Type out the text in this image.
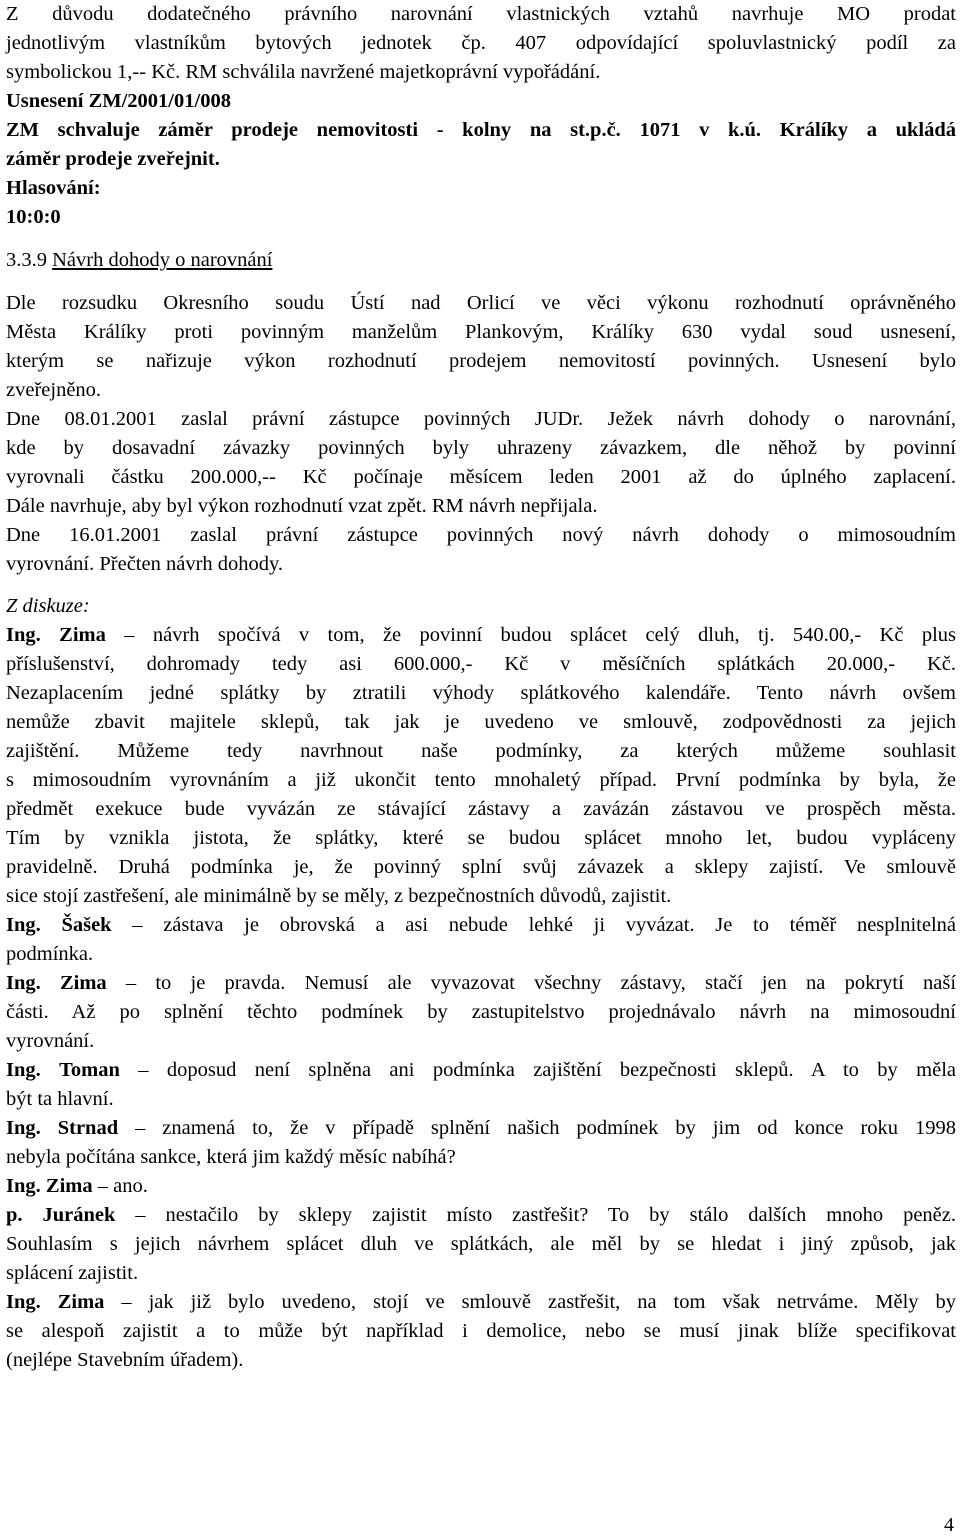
Z důvodu dodatečného právního narovnání vlastnických vztahů navrhuje MO prodat

jednotlivým vlastníkům bytových jednotek čp. 407 odpovídající spoluvlastnický podíl za

symbolickou 1,-- Kč. RM schválila navržené majetkoprávní vypořádání.

Usnesení ZM/2001/01/008

ZM schvaluje záměr prodeje nemovitosti - kolny na st.p.č. 1071 v k.ú. Králíky a ukládá

záměr prodeje zveřejnit.

Hlasování:

10:0:0

3.3.9 Návrh dohody o narovnání

Dle rozsudku Okresního soudu Ústí nad Orlicí ve věci výkonu rozhodnutí oprávněného

Města Králíky proti povinným manželům Plankovým, Králíky 630 vydal soud usnesení,

kterým se nařizuje výkon rozhodnutí prodejem nemovitostí povinných. Usnesení bylo

zveřejněno.

Dne 08.01.2001 zaslal právní zástupce povinných JUDr. Ježek návrh dohody o narovnání,

kde by dosavadní závazky povinných byly uhrazeny závazkem, dle něhož by povinní

vyrovnali částku 200.000,-- Kč počínaje měsícem leden 2001 až do úplného zaplacení.

Dále navrhuje, aby byl výkon rozhodnutí vzat zpět. RM návrh nepřijala.

Dne 16.01.2001 zaslal právní zástupce povinných nový návrh dohody o mimosoudním

vyrovnání. Přečten návrh dohody.

Z diskuze:

Ing. Zima – návrh spočívá v tom, že povinní budou splácet celý dluh, tj. 540.00,- Kč plus

příslušenství, dohromady tedy asi 600.000,- Kč v měsíčních splátkách 20.000,- Kč.

Nezaplacením jedné splátky by ztratili výhody splátkového kalendáře. Tento návrh ovšem

nemůže zbavit majitele sklepů, tak jak je uvedeno ve smlouvě, zodpovědnosti za jejich

zajištění. Můžeme tedy navrhnout naše podmínky, za kterých můžeme souhlasit

s mimosoudním vyrovnáním a již ukončit tento mnohaletý případ. První podmínka by byla, že

předmět exekuce bude vyvázán ze stávající zástavy a zavázán zástavou ve prospěch města.

Tím by vznikla jistota, že splátky, které se budou splácet mnoho let, budou vypláceny

pravidelně. Druhá podmínka je, že povinný splní svůj závazek a sklepy zajistí. Ve smlouvě

sice stojí zastřešení, ale minimálně by se měly, z bezpečnostních důvodů, zajistit.

Ing. Šašek – zástava je obrovská a asi nebude lehké ji vyvázat. Je to téměř nesplnitelná

podmínka.

Ing. Zima – to je pravda. Nemusí ale vyvazovat všechny zástavy, stačí jen na pokrytí naší

části. Až po splnění těchto podmínek by zastupitelstvo projednávalo návrh na mimosoudní

vyrovnání.

Ing. Toman – doposud není splněna ani podmínka zajištění bezpečnosti sklepů. A to by měla

být ta hlavní.

Ing. Strnad – znamená to, že v případě splnění našich podmínek by jim od konce roku 1998

nebyla počítána sankce, která jim každý měsíc nabíhá?

Ing. Zima – ano.

p. Juránek – nestačilo by sklepy zajistit místo zastřešit? To by stálo dalších mnoho peněz.

Souhlasím s jejich návrhem splácet dluh ve splátkách, ale měl by se hledat i jiný způsob, jak

splácení zajistit.

Ing. Zima – jak již bylo uvedeno, stojí ve smlouvě zastřešit, na tom však netrváme. Měly by

se alespoň zajistit a to může být například i demolice, nebo se musí jinak blíže specifikovat

(nejlépe Stavebním úřadem).

4
